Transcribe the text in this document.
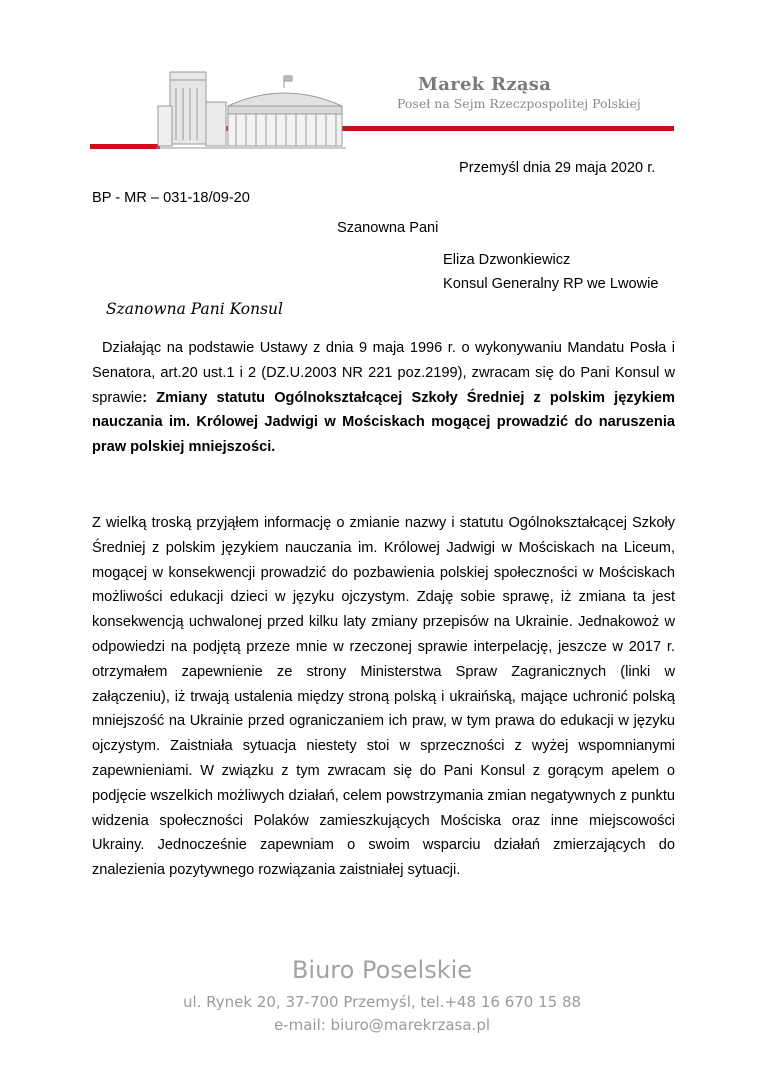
Marek Rząsa
Poseł na Sejm Rzeczpospolitej Polskiej
Przemyśl dnia 29 maja 2020 r.
BP - MR – 031-18/09-20
Szanowna Pani
Eliza Dzwonkiewicz
Konsul Generalny RP we Lwowie
Szanowna Pani Konsul

Działając na podstawie Ustawy z dnia 9 maja 1996 r. o wykonywaniu Mandatu Posła i Senatora, art.20 ust.1 i 2 (DZ.U.2003 NR 221 poz.2199), zwracam się do Pani Konsul w sprawie: Zmiany statutu Ogólnokształcącej Szkoły Średniej z polskim językiem nauczania im. Królowej Jadwigi w Mościskach mogącej prowadzić do naruszenia praw polskiej mniejszości.

Z wielką troską przyjąłem informację o zmianie nazwy i statutu Ogólnokształcącej Szkoły Średniej z polskim językiem nauczania im. Królowej Jadwigi w Mościskach na Liceum, mogącej w konsekwencji prowadzić do pozbawienia polskiej społeczności w Mościskach możliwości edukacji dzieci w języku ojczystym. Zdaję sobie sprawę, iż zmiana ta jest konsekwencją uchwalonej przed kilku laty zmiany przepisów na Ukrainie. Jednakowoż w odpowiedzi na podjętą przeze mnie w rzeczonej sprawie interpelację, jeszcze w 2017 r. otrzymałem zapewnienie ze strony Ministerstwa Spraw Zagranicznych (linki w załączeniu), iż trwają ustalenia między stroną polską i ukraińską, mające uchronić polską mniejszość na Ukrainie przed ograniczaniem ich praw, w tym prawa do edukacji w języku ojczystym. Zaistniała sytuacja niestety stoi w sprzeczności z wyżej wspomnianymi zapewnieniami. W związku z tym zwracam się do Pani Konsul z gorącym apelem o podjęcie wszelkich możliwych działań, celem powstrzymania zmian negatywnych z punktu widzenia społeczności Polaków zamieszkujących Mościska oraz inne miejscowości Ukrainy. Jednocześnie zapewniam o swoim wsparciu działań zmierzających do znalezienia pozytywnego rozwiązania zaistniałej sytuacji.

Biuro Poselskie
ul. Rynek 20, 37-700 Przemyśl, tel.+48 16 670 15 88
e-mail: biuro@marekrzasa.pl
